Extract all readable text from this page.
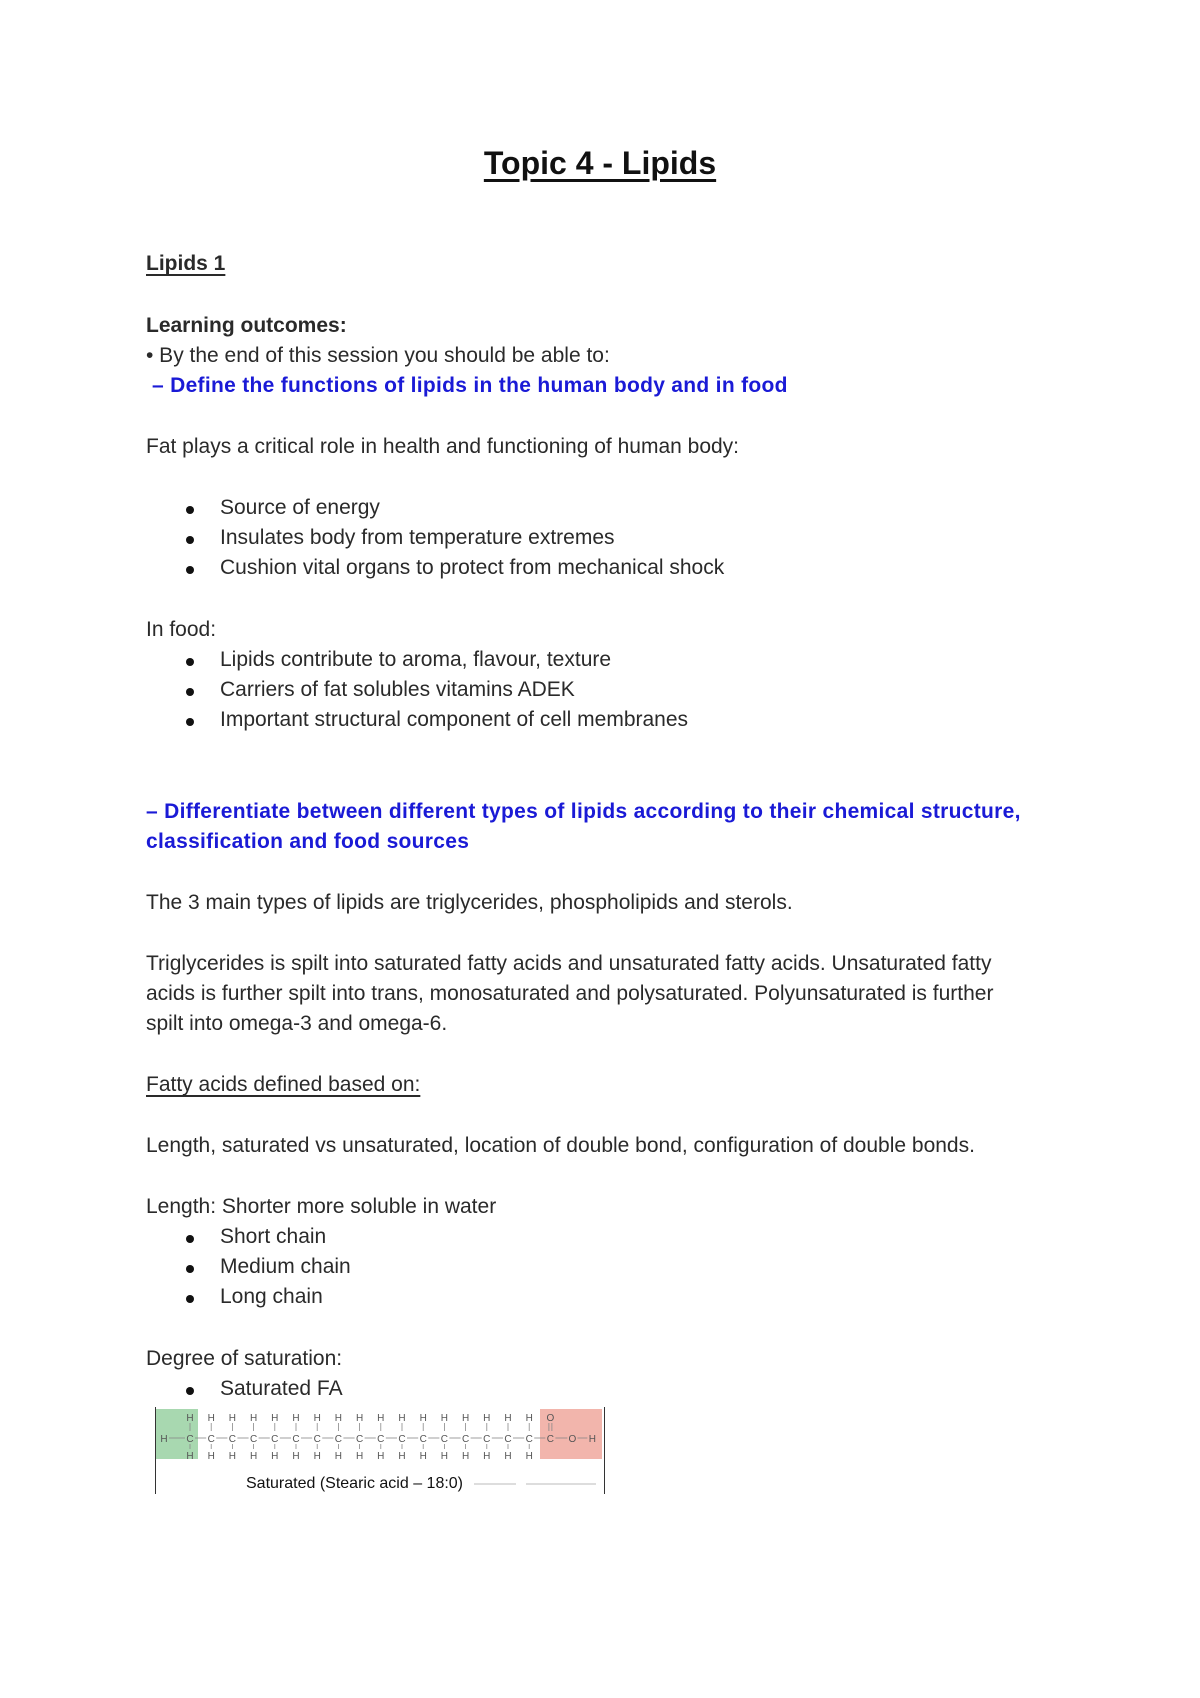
Topic 4 - Lipids
Lipids 1
Learning outcomes:
• By the end of this session you should be able to:
– Define the functions of lipids in the human body and in food
Fat plays a critical role in health and functioning of human body:
Source of energy
Insulates body from temperature extremes
Cushion vital organs to protect from mechanical shock
In food:
Lipids contribute to aroma, flavour, texture
Carriers of fat solubles vitamins ADEK
Important structural component of cell membranes
– Differentiate between different types of lipids according to their chemical structure,
classification and food sources
The 3 main types of lipids are triglycerides, phospholipids and sterols.
Triglycerides is spilt into saturated fatty acids and unsaturated fatty acids. Unsaturated fatty
acids is further spilt into trans, monosaturated and polysaturated. Polyunsaturated is further
spilt into omega-3 and omega-6.
Fatty acids defined based on:
Length, saturated vs unsaturated, location of double bond, configuration of double bonds.
Length: Shorter more soluble in water
Short chain
Medium chain
Long chain
Degree of saturation:
Saturated FA
H C
H
H
C
H
H
C
H
H
C
H
H
C
H
H
C
H
H
C
H
H
C
H
H
C
H
H
C
H
H
C
H
H
C
H
H
C
H
H
C
H
H
C
H
H
C
H
H
C
H
H
C
O
O H
Saturated (Stearic acid – 18:0)
